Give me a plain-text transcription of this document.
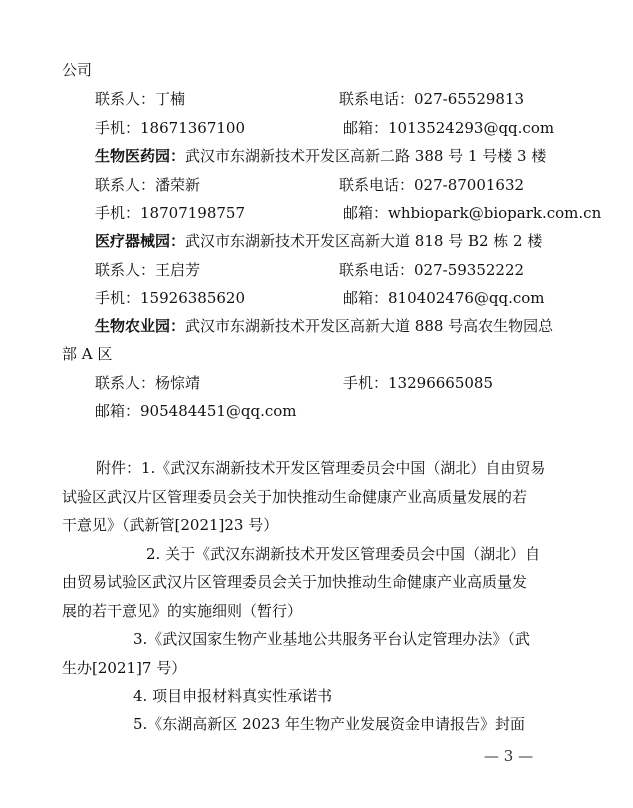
公司
联系人：丁楠	联系电话：027-65529813
手机：18671367100	邮箱：1013524293@qq.com
生物医药园：武汉市东湖新技术开发区高新二路 388 号 1 号楼 3 楼
联系人：潘荣新	联系电话：027-87001632
手机：18707198757	邮箱：whbiopark@biopark.com.cn
医疗器械园：武汉市东湖新技术开发区高新大道 818 号 B2 栋 2 楼
联系人：王启芳	联系电话：027-59352222
手机：15926385620	邮箱：810402476@qq.com
生物农业园：武汉市东湖新技术开发区高新大道 888 号高农生物园总
部 A 区
联系人：杨悰靖	手机：13296665085
邮箱：905484451@qq.com
附件：1.《武汉东湖新技术开发区管理委员会中国（湖北）自由贸易
试验区武汉片区管理委员会关于加快推动生命健康产业高质量发展的若
干意见》（武新管[2021]23 号）
2. 关于《武汉东湖新技术开发区管理委员会中国（湖北）自
由贸易试验区武汉片区管理委员会关于加快推动生命健康产业高质量发
展的若干意见》的实施细则（暂行）
3.《武汉国家生物产业基地公共服务平台认定管理办法》（武
生办[2021]7 号）
4. 项目申报材料真实性承诺书
5.《东湖高新区 2023 年生物产业发展资金申请报告》封面
— 3 —
